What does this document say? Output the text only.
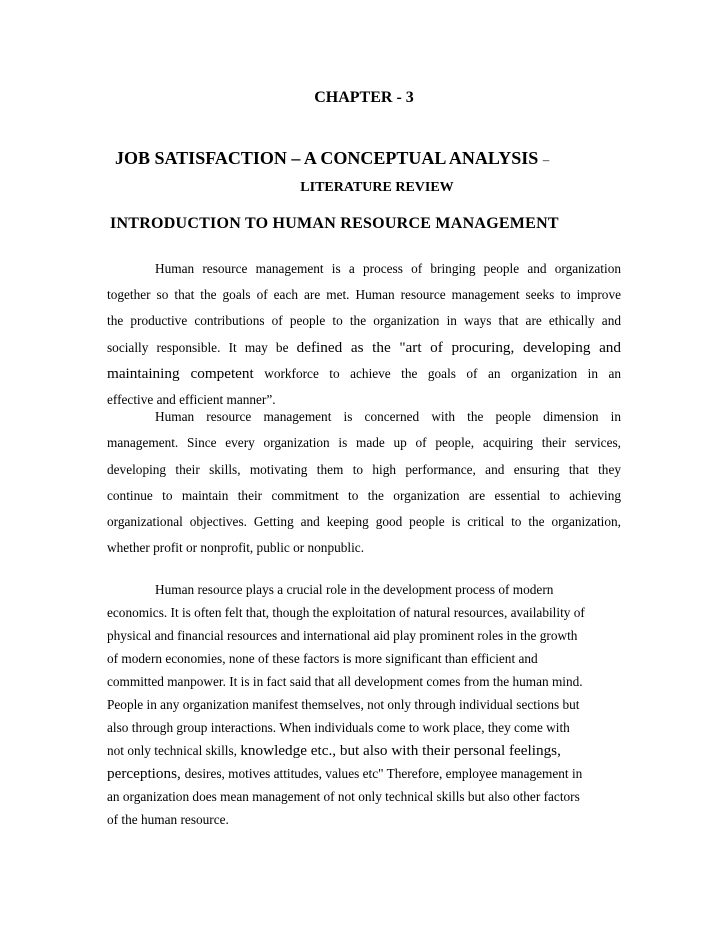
CHAPTER - 3
JOB SATISFACTION – A CONCEPTUAL ANALYSIS –
LITERATURE REVIEW
INTRODUCTION TO HUMAN RESOURCE MANAGEMENT
Human resource management is a process of bringing people and organization
together so that the goals of each are met. Human resource management seeks to improve
the productive contributions of people to the organization in ways that are ethically and
socially responsible. It may be defined as the "art of procuring, developing and
maintaining competent workforce to achieve the goals of an organization in an
effective and efficient manner”.
Human resource management is concerned with the people dimension in
management. Since every organization is made up of people, acquiring their services,
developing their skills, motivating them to high performance, and ensuring that they
continue to maintain their commitment to the organization are essential to achieving
organizational objectives. Getting and keeping good people is critical to the organization,
whether profit or nonprofit, public or nonpublic.
Human resource plays a crucial role in the development process of modern
economics. It is often felt that, though the exploitation of natural resources, availability of
physical and financial resources and international aid play prominent roles in the growth
of modern economies, none of these factors is more significant than efficient and
committed manpower. It is in fact said that all development comes from the human mind.
People in any organization manifest themselves, not only through individual sections but
also through group interactions. When individuals come to work place, they come with
not only technical skills, knowledge etc., but also with their personal feelings,
perceptions, desires, motives attitudes, values etc" Therefore, employee management in
an organization does mean management of not only technical skills but also other factors
of the human resource.
